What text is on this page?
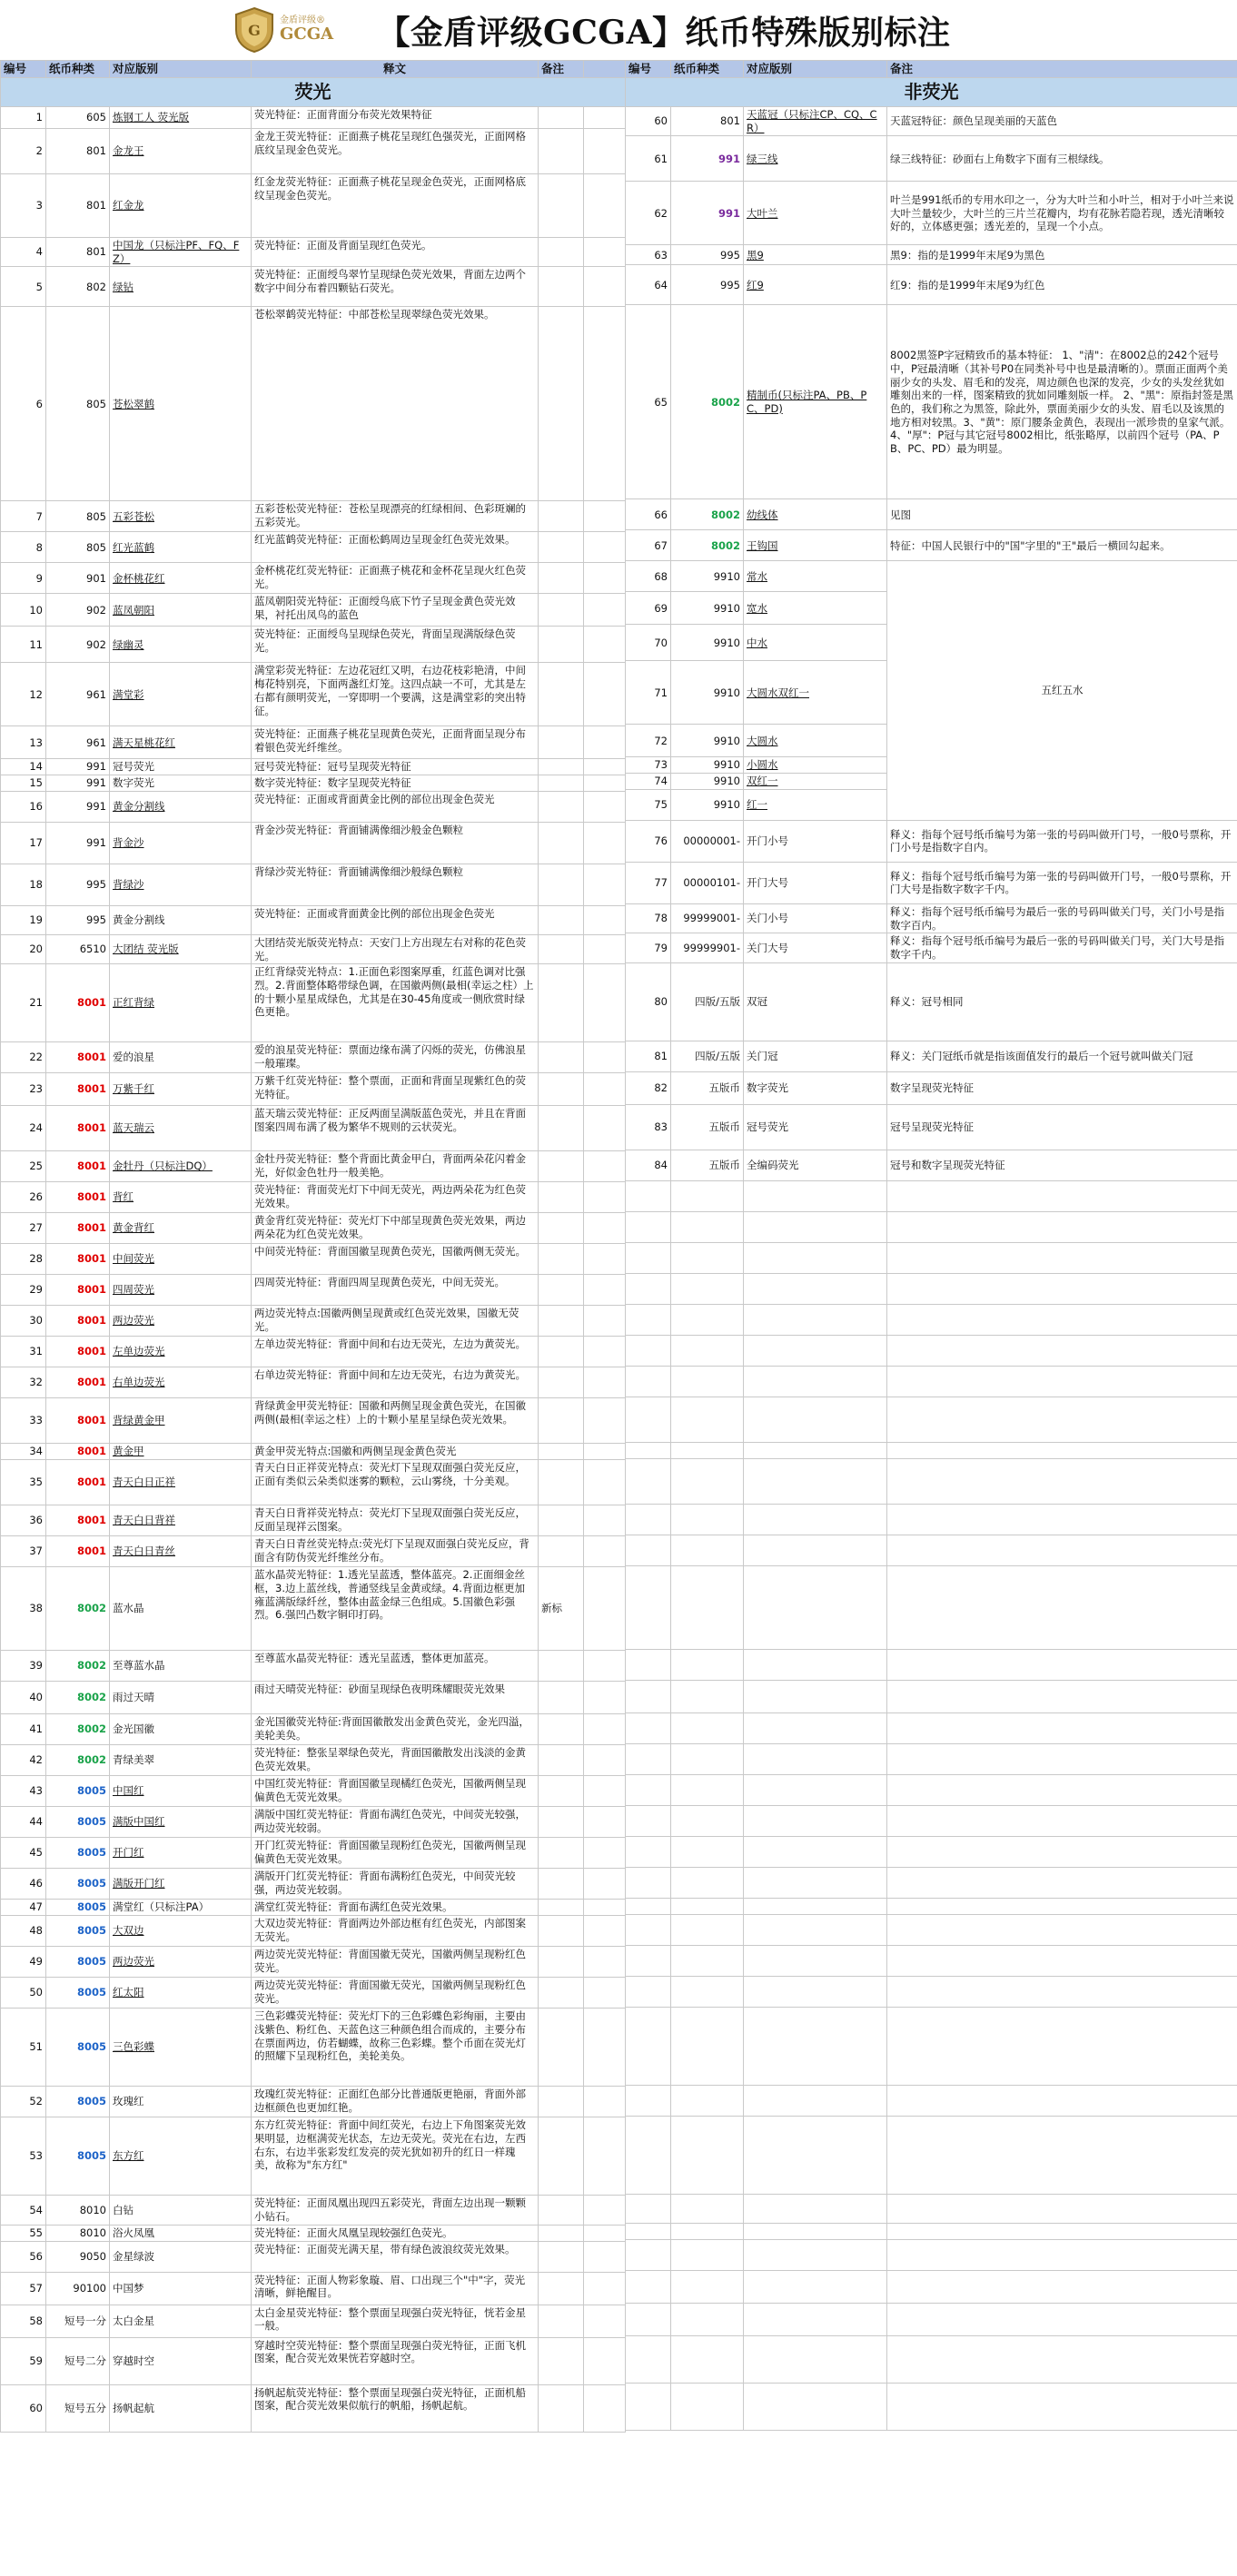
G
金盾评级®
GCGA 【金盾评级GCGA】纸币特殊版别标注
编号	纸币种类	对应版别	释文	备注	
荧光					
1	605	炼钢工人 荧光版	荧光特征：正面背面分布荧光效果特征		
2	801	金龙王	金龙王荧光特征：正面燕子桃花呈现红色强荧光，正面网格底纹呈现金色荧光。		
3	801	红金龙	红金龙荧光特征：正面燕子桃花呈现金色荧光，正面网格底纹呈现金色荧光。		
4	801	中国龙（只标注PF、FQ、FZ）	荧光特征：正面及背面呈现红色荧光。		
5	802	绿钻	荧光特征：正面绶鸟翠竹呈现绿色荧光效果，背面左边两个数字中间分布着四颗钻石荧光。		
6	805	苍松翠鹤	苍松翠鹤荧光特征：中部苍松呈现翠绿色荧光效果。		
7	805	五彩苍松	五彩苍松荧光特征：苍松呈现漂亮的红绿相间、色彩斑斓的五彩荧光。		
8	805	红光蓝鹤	红光蓝鹤荧光特征：正面松鹤周边呈现金红色荧光效果。		
9	901	金杯桃花红	金杯桃花红荧光特征：正面燕子桃花和金杯花呈现火红色荧光。		
10	902	蓝凤朝阳	蓝凤朝阳荧光特征：正面绶鸟底下竹子呈现金黄色荧光效果，衬托出凤鸟的蓝色		
11	902	绿幽灵	荧光特征：正面绶鸟呈现绿色荧光，背面呈现满版绿色荧光。		
12	961	满堂彩	满堂彩荧光特征：左边花冠红又明，右边花枝彩艳清，中间梅花特别亮，下面两盏红灯笼。这四点缺一不可，尤其是左右都有颜明荧光，一穿即明一个要满，这是满堂彩的突出特征。		
13	961	满天星桃花红	荧光特征：正面燕子桃花呈现黄色荧光，正面背面呈现分布着银色荧光纤维丝。		
14	991	冠号荧光	冠号荧光特征：冠号呈现荧光特征		
15	991	数字荧光	数字荧光特征：数字呈现荧光特征		
16	991	黄金分割线	荧光特征：正面或背面黄金比例的部位出现金色荧光		
17	991	背金沙	背金沙荧光特征：背面铺满像细沙般金色颗粒		
18	995	背绿沙	背绿沙荧光特征：背面铺满像细沙般绿色颗粒		
19	995	黄金分割线	荧光特征：正面或背面黄金比例的部位出现金色荧光		
20	6510	大团结 荧光版	大团结荧光版荧光特点：天安门上方出现左右对称的花色荧光。		
21	8001	正红背绿	正红背绿荧光特点：1.正面色彩图案厚重，红蓝色调对比强烈。2.背面整体略带绿色调，在国徽两侧(最相(幸运之柱）上的十颗小星星成绿色，尤其是在30-45角度或一侧欣赏时绿色更艳。		
22	8001	爱的浪星	爱的浪星荧光特征：票面边缘布满了闪烁的荧光，仿佛浪星一般璀璨。		
23	8001	万紫千红	万紫千红荧光特征：整个票面，正面和背面呈现紫红色的荧光特征。		
24	8001	蓝天瑞云	蓝天瑞云荧光特征：正反两面呈满版蓝色荧光，并且在背面图案四周布满了极为繁华不规则的云状荧光。		
25	8001	金牡丹（只标注DQ）	金牡丹荧光特征：整个背面比黄金甲白，背面两朵花闪着金光，好似金色牡丹一般美艳。		
26	8001	背红	荧光特征：背面荧光灯下中间无荧光，两边两朵花为红色荧光效果。		
27	8001	黄金背红	黄金背红荧光特征：荧光灯下中部呈现黄色荧光效果，两边两朵花为红色荧光效果。		
28	8001	中间荧光	中间荧光特征：背面国徽呈现黄色荧光，国徽两侧无荧光。		
29	8001	四周荧光	四周荧光特征：背面四周呈现黄色荧光，中间无荧光。		
30	8001	两边荧光	两边荧光特点:国徽两侧呈现黄或红色荧光效果，国徽无荧光。		
31	8001	左单边荧光	左单边荧光特征：背面中间和右边无荧光，左边为黄荧光。		
32	8001	右单边荧光	右单边荧光特征：背面中间和左边无荧光，右边为黄荧光。		
33	8001	背绿黄金甲	背绿黄金甲荧光特征：国徽和两侧呈现金黄色荧光，在国徽两侧(最相(幸运之柱）上的十颗小星星呈绿色荧光效果。		
34	8001	黄金甲	黄金甲荧光特点:国徽和两侧呈现金黄色荧光		
35	8001	青天白日正祥	青天白日正祥荧光特点：荧光灯下呈现双面强白荧光反应，正面有类似云朵类似迷雾的颗粒，云山雾绕，十分美观。		
36	8001	青天白日背祥	青天白日背祥荧光特点：荧光灯下呈现双面强白荧光反应，反面呈现祥云图案。		
37	8001	青天白日青丝	青天白日青丝荧光特点:荧光灯下呈现双面强白荧光反应，背面含有防伪荧光纤维丝分布。		
38	8002	蓝水晶	蓝水晶荧光特征：1.透光呈蓝透，整体蓝亮。2.正面细金丝框，3.边上蓝丝线，普通竖线呈金黄或绿。4.背面边框更加雍蓝满版绿纤丝，整体由蓝金绿三色组成。5.国徽色彩强烈。6.强凹凸数字铜印打码。	新标	
39	8002	至尊蓝水晶	至尊蓝水晶荧光特征：透光呈蓝透，整体更加蓝亮。		
40	8002	雨过天晴	雨过天晴荧光特征：砂面呈现绿色夜明珠耀眼荧光效果		
41	8002	金光国徽	金光国徽荧光特征:背面国徽散发出金黄色荧光，金光四溢，美轮美奂。		
42	8002	青绿美翠	荧光特征：整张呈翠绿色荧光，背面国徽散发出浅淡的金黄色荧光效果。		
43	8005	中国红	中国红荧光特征：背面国徽呈现橘红色荧光，国徽两侧呈现偏黄色无荧光效果。		
44	8005	满版中国红	满版中国红荧光特征：背面布满红色荧光，中间荧光较强，两边荧光较弱。		
45	8005	开门红	开门红荧光特征：背面国徽呈现粉红色荧光，国徽两侧呈现偏黄色无荧光效果。		
46	8005	满版开门红	满版开门红荧光特征：背面布满粉红色荧光，中间荧光较强，两边荧光较弱。		
47	8005	满堂红（只标注PA）	满堂红荧光特征：背面布满红色荧光效果。		
48	8005	大双边	大双边荧光特征：背面两边外部边框有红色荧光，内部图案无荧光。		
49	8005	两边荧光	两边荧光荧光特征：背面国徽无荧光，国徽两侧呈现粉红色荧光。		
50	8005	红太阳	两边荧光荧光特征：背面国徽无荧光，国徽两侧呈现粉红色荧光。		
51	8005	三色彩蝶	三色彩蝶荧光特征：荧光灯下的三色彩蝶色彩绚丽，主要由浅紫色、粉红色、天蓝色这三种颜色组合而成的，主要分布在票面两边，仿若蝴蝶，故称三色彩蝶。整个币面在荧光灯的照耀下呈现粉红色，美轮美奂。		
52	8005	玫瑰红	玫瑰红荧光特征：正面红色部分比普通版更艳丽，背面外部边框颜色也更加红艳。		
53	8005	东方红	东方红荧光特征：背面中间红荧光，右边上下角图案荧光效果明显，边框满荧光状态，左边无荧光。荧光在右边，左西右东，右边半张彩发红发亮的荧光犹如初升的红日一样瑰美，故称为"东方红"		
54	8010	白钻	荧光特征：正面凤凰出现四五彩荧光，背面左边出现一颗颗小钻石。		
55	8010	浴火凤凰	荧光特征：正面火凤凰呈现较强红色荧光。		
56	9050	金星绿波	荧光特征：正面荧光满天星，带有绿色波浪纹荧光效果。		
57	90100	中国梦	荧光特征：正面人物彩象璇、眉、口出现三个"中"字，荧光清晰，鲜艳醒目。		
58	短号一分	太白金星	太白金星荧光特征：整个票面呈现强白荧光特征，恍若金星一般。		
59	短号二分	穿越时空	穿越时空荧光特征：整个票面呈现强白荧光特征，正面飞机图案，配合荧光效果恍若穿越时空。		
60	短号五分	扬帆起航	扬帆起航荧光特征：整个票面呈现强白荧光特征，正面机船图案，配合荧光效果似航行的帆船，扬帆起航。		
编号	纸币种类	对应版别	备注
非荧光			
60	801	天蓝冠（只标注CP、CQ、CR）	天蓝冠特征：颜色呈现美丽的天蓝色
61	991	绿三线	绿三线特征：砂面右上角数字下面有三根绿线。
62	991	大叶兰	叶兰是991纸币的专用水印之一，分为大叶兰和小叶兰，相对于小叶兰来说大叶兰量较少，大叶兰的三片兰花瓣内，均有花脉若隐若现，透光清晰较好的，立体感更强；透光差的，呈现一个小点。
63	995	黑9	黑9：指的是1999年末尾9为黑色
64	995	红9	红9：指的是1999年末尾9为红色
65	8002	精制币(只标注PA、PB、PC、PD)	8002黑签P字冠精致币的基本特征： 1、"清"：在8002总的242个冠号中，P冠最清晰（其补号P0在同类补号中也是最清晰的）。票面正面两个美丽少女的头发、眉毛和的发亮，周边颜色也深的发亮，少女的头发丝犹如雕刻出来的一样，图案精致的犹如同雕刻版一样。 2、"黑"：原指封签是黑色的，我们称之为黑签，除此外，票面美丽少女的头发、眉毛以及该黑的地方相对较黑。3、"黄"：原门腰条金黄色，表现出一派珍贵的皇家气派。4、"厚"：P冠与其它冠号8002相比，纸张略厚，以前四个冠号（PA、PB、PC、PD）最为明显。
66	8002	幼线体	见图
67	8002	王钩国	特征：中国人民银行中的"国"字里的"王"最后一横回勾起来。
68	9910	常水	五红五水
69	9910	宽水	
70	9910	中水	
71	9910	大圆水双红一	
72	9910	大圆水	
73	9910	小圆水	
74	9910	双红一	
75	9910	红一	
76	00000001-	开门小号	释义：指每个冠号纸币编号为第一张的号码叫做开门号，一般0号票称，开门小号是指数字自内。
77	00000101-	开门大号	释义：指每个冠号纸币编号为第一张的号码叫做开门号，一般0号票称，开门大号是指数字数字千内。
78	99999001-	关门小号	释义：指每个冠号纸币编号为最后一张的号码叫做关门号，关门小号是指数字百内。
79	99999901-	关门大号	释义：指每个冠号纸币编号为最后一张的号码叫做关门号，关门大号是指数字千内。
80	四版/五版	双冠	释义：冠号相同
81	四版/五版	关门冠	释义：关门冠纸币就是指该面值发行的最后一个冠号就叫做关门冠
82	五版币	数字荧光	数字呈现荧光特征
83	五版币	冠号荧光	冠号呈现荧光特征
84	五版币	全编码荧光	冠号和数字呈现荧光特征
